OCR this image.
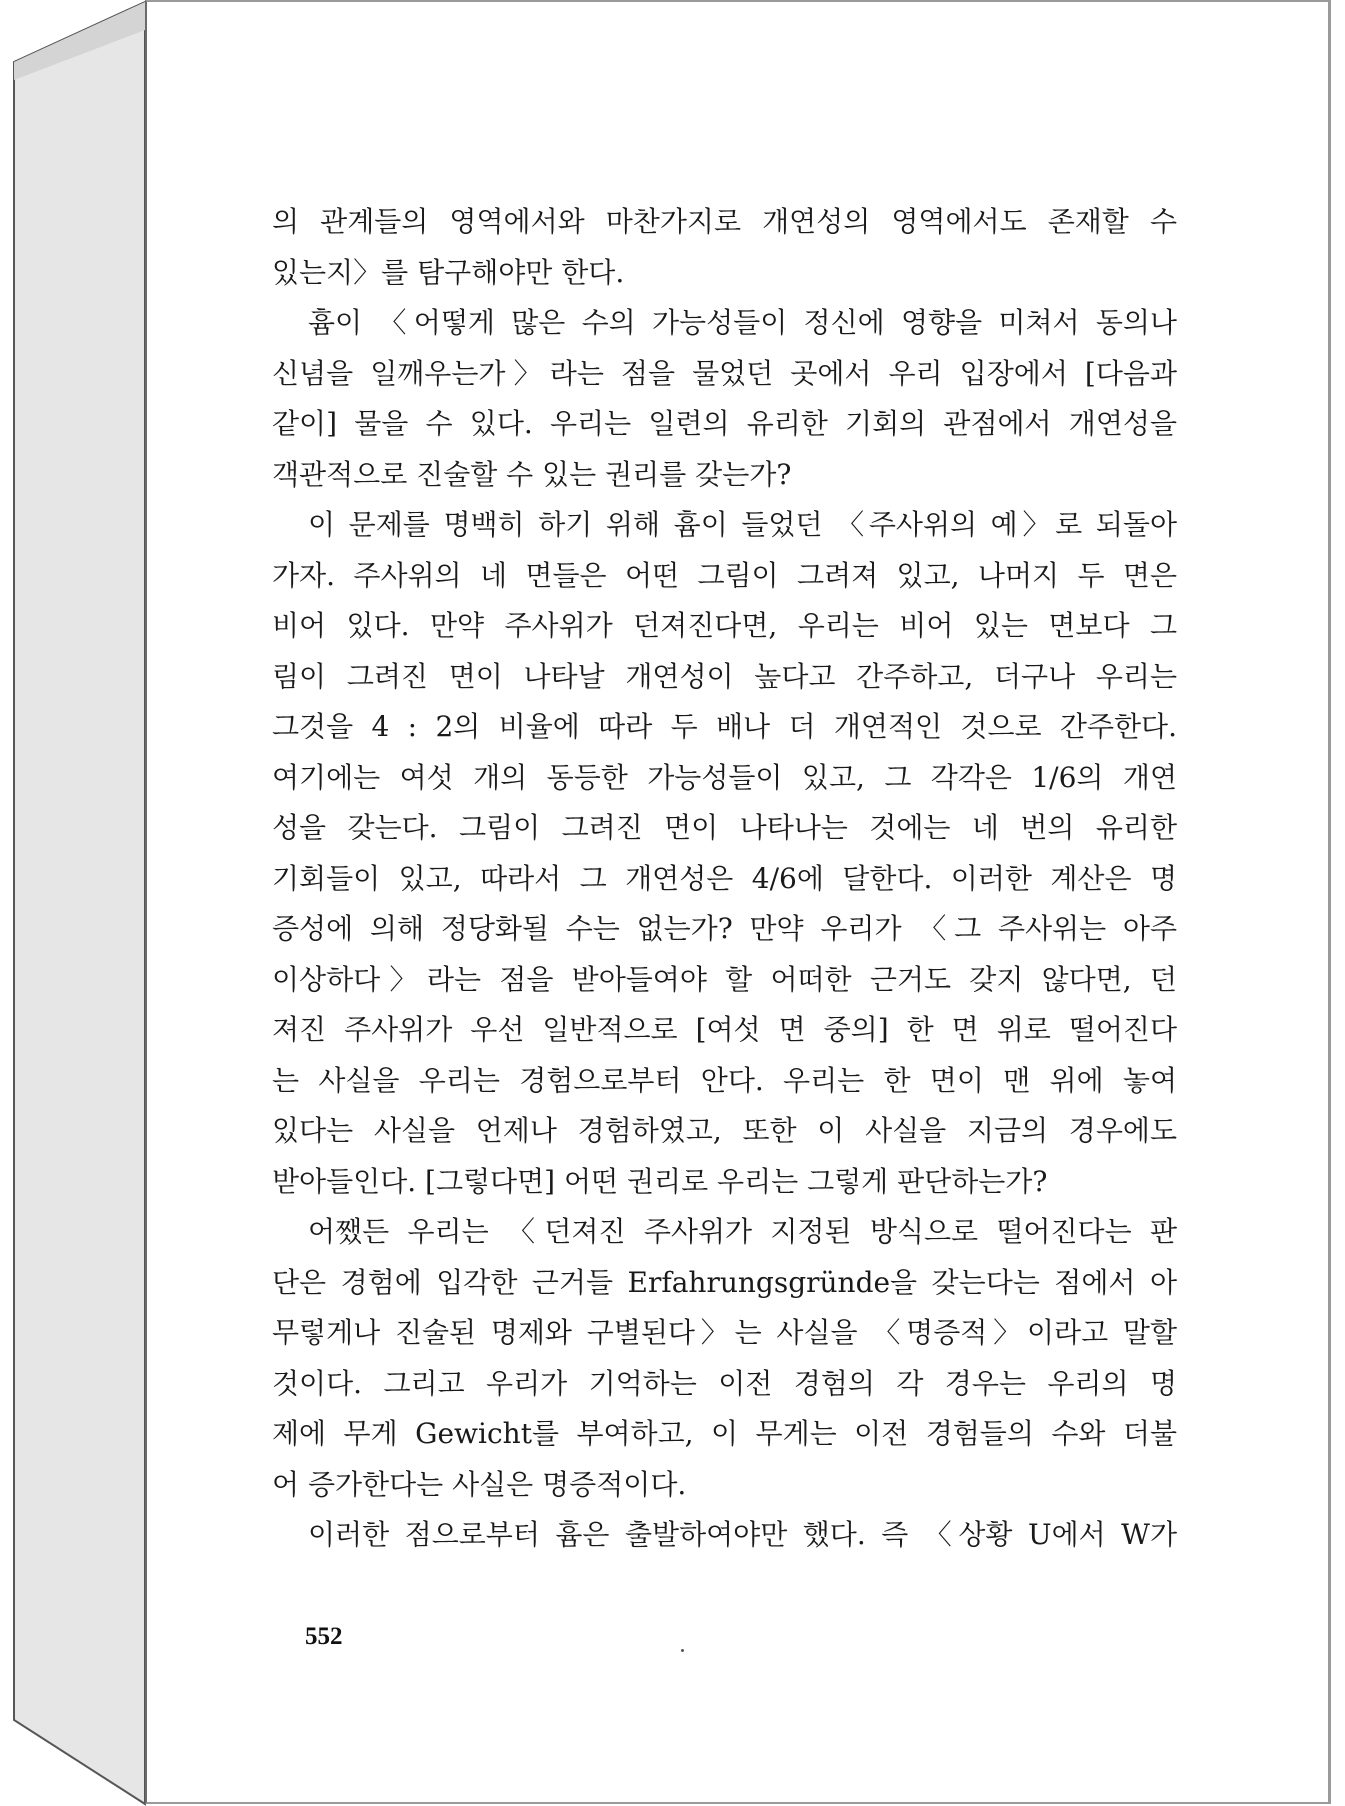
의 관계들의 영역에서와 마찬가지로 개연성의 영역에서도 존재할 수
있는지〉를 탐구해야만 한다.
흄이 〈어떻게 많은 수의 가능성들이 정신에 영향을 미쳐서 동의나
신념을 일깨우는가〉라는 점을 물었던 곳에서 우리 입장에서 [다음과
같이] 물을 수 있다. 우리는 일련의 유리한 기회의 관점에서 개연성을
객관적으로 진술할 수 있는 권리를 갖는가?
이 문제를 명백히 하기 위해 흄이 들었던 〈주사위의 예〉로 되돌아
가자. 주사위의 네 면들은 어떤 그림이 그려져 있고, 나머지 두 면은
비어 있다. 만약 주사위가 던져진다면, 우리는 비어 있는 면보다 그
림이 그려진 면이 나타날 개연성이 높다고 간주하고, 더구나 우리는
그것을 4 : 2의 비율에 따라 두 배나 더 개연적인 것으로 간주한다.
여기에는 여섯 개의 동등한 가능성들이 있고, 그 각각은 1/6의 개연
성을 갖는다. 그림이 그려진 면이 나타나는 것에는 네 번의 유리한
기회들이 있고, 따라서 그 개연성은 4/6에 달한다. 이러한 계산은 명
증성에 의해 정당화될 수는 없는가? 만약 우리가 〈그 주사위는 아주
이상하다〉라는 점을 받아들여야 할 어떠한 근거도 갖지 않다면, 던
져진 주사위가 우선 일반적으로 [여섯 면 중의] 한 면 위로 떨어진다
는 사실을 우리는 경험으로부터 안다. 우리는 한 면이 맨 위에 놓여
있다는 사실을 언제나 경험하였고, 또한 이 사실을 지금의 경우에도
받아들인다. [그렇다면] 어떤 권리로 우리는 그렇게 판단하는가?
어쨌든 우리는 〈던져진 주사위가 지정된 방식으로 떨어진다는 판
단은 경험에 입각한 근거들 Erfahrungsgründe을 갖는다는 점에서 아
무렇게나 진술된 명제와 구별된다〉는 사실을 〈명증적〉이라고 말할
것이다. 그리고 우리가 기억하는 이전 경험의 각 경우는 우리의 명
제에 무게 Gewicht를 부여하고, 이 무게는 이전 경험들의 수와 더불
어 증가한다는 사실은 명증적이다.
이러한 점으로부터 흄은 출발하여야만 했다. 즉 〈상황 U에서 W가
552
